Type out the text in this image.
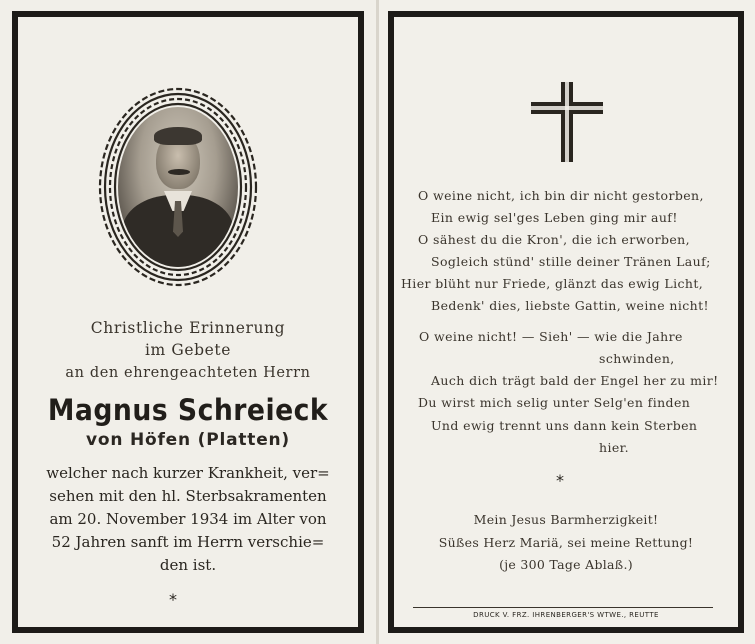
Christliche Erinnerung
im Gebete
an den ehrengeachteten Herrn
Magnus Schreieck
von Höfen (Platten)
welcher nach kurzer Krankheit, ver=
sehen mit den hl. Sterbsakramenten
am 20. November 1934 im Alter von
52 Jahren sanft im Herrn verschie=
den ist.
*
O weine nicht, ich bin dir nicht gestorben,
Ein ewig sel'ges Leben ging mir auf!
O sähest du die Kron', die ich erworben,
Sogleich stünd' stille deiner Tränen Lauf;
Hier blüht nur Friede, glänzt das ewig Licht,
Bedenk' dies, liebste Gattin, weine nicht!
O weine nicht! — Sieh' — wie die Jahre
schwinden,
Auch dich trägt bald der Engel her zu mir!
Du wirst mich selig unter Selg'en finden
Und ewig trennt uns dann kein Sterben
hier.
*
Mein Jesus Barmherzigkeit!
Süßes Herz Mariä, sei meine Rettung!
(je 300 Tage Ablaß.)
DRUCK V. FRZ. IHRENBERGER'S WTWE., REUTTE
